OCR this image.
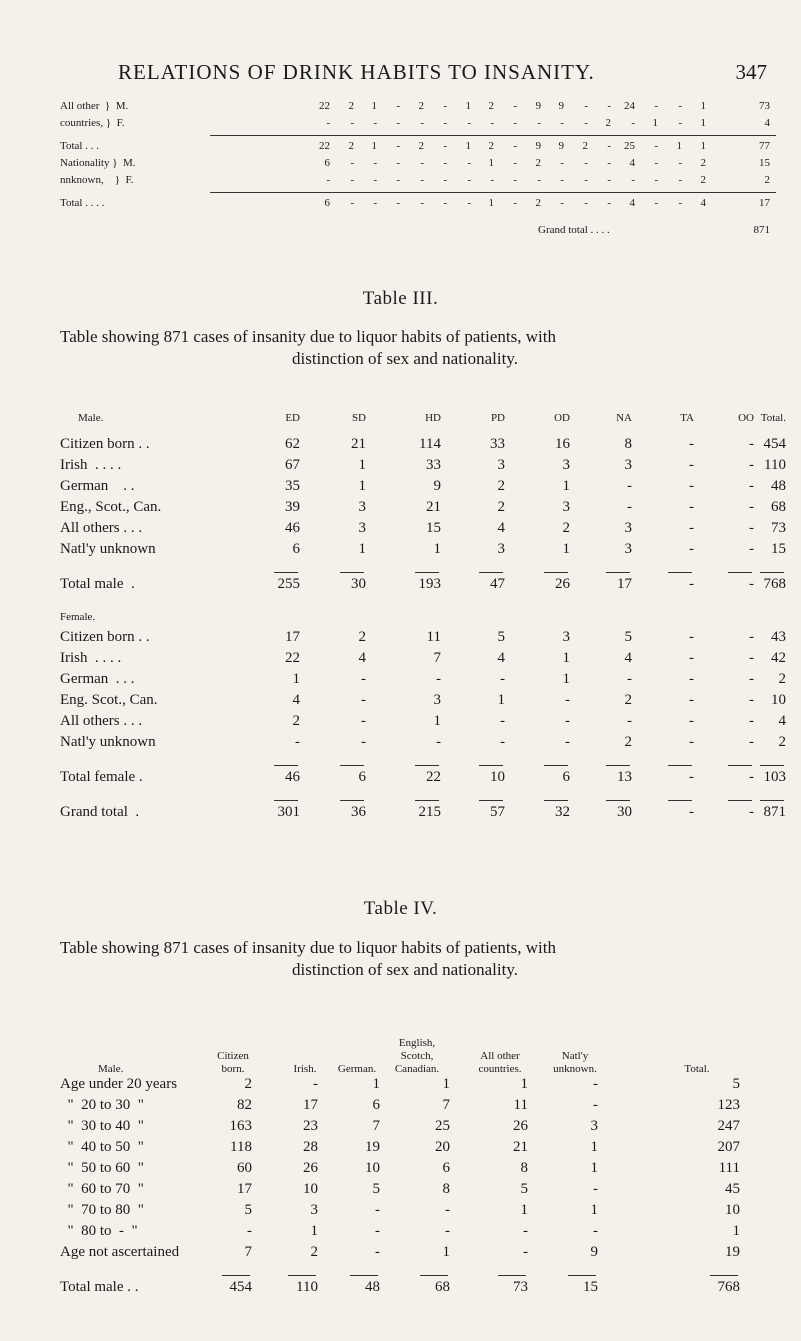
RELATIONS OF DRINK HABITS TO INSANITY.	347
All other  }  M.	22	2	1	-	2	-	1	2	-	9	9	-	-	24	-	-	1	73
countries, }  F.	-	-	-	-	-	-	-	-	-	-	-	-	2	-	1	-	1	4
Total . . .	22	2	1	-	2	-	1	2	-	9	9	2	-	25	-	1	1	77
Nationality }  M.	6	-	-	-	-	-	-	1	-	2	-	-	-	4	-	-	2	15
nnknown,    }  F.	-	-	-	-	-	-	-	-	-	-	-	-	-	-	-	-	2	2
Total . . . .	6	-	-	-	-	-	-	1	-	2	-	-	-	4	-	-	4	17
Grand total . . . .	871
Table III.
Table showing 871 cases of insanity due to liquor habits of patients, with
distinction of sex and nationality.
Male.	ED	SD	HD	PD	OD	NA	TA	OO Total.
Citizen born . .	62	21	114	33	16	8	-	- 454
Irish  . . . .	67	1	33	3	3	3	-	- 110
German    . .	35	1	9	2	1	-	-	-	48
Eng., Scot., Can.	39	3	21	2	3	-	-	-	68
All others . . .	46	3	15	4	2	3	-	-	73
Natl'y unknown	6	1	1	3	1	3	-	-	15
Total male  .	255	30	193	47	26	17	-	- 768
Female.
Citizen born . .	17	2	11	5	3	5	-	-	43
Irish  . . . .	22	4	7	4	1	4	-	-	42
German  . . .	1	-	-	-	1	-	-	-	2
Eng. Scot., Can.	4	-	3	1	-	2	-	-	10
All others . . .	2	-	1	-	-	-	-	-	4
Natl'y unknown	-	-	-	-	-	2	-	-	2
Total female .	46	6	22	10	6	13	-	- 103
Grand total  .	301	36	215	57	32	30	-	- 871
Table IV.
Table showing 871 cases of insanity due to liquor habits of patients, with
distinction of sex and nationality.
Male.
Citizen
born.	Irish.	German.
English,
Scotch,
Canadian.
All other
countries.
Natl'y
unknown.	Total.
Age under 20 years	2	-	1	1	1	-	5
"  20 to 30  "	82	17	6	7	11	-	123
"  30 to 40  "	163	23	7	25	26	3	247
"  40 to 50  "	118	28	19	20	21	1	207
"  50 to 60  "	60	26	10	6	8	1	111
"  60 to 70  "	17	10	5	8	5	-	45
"  70 to 80  "	5	3	-	-	1	1	10
"  80 to  -  "	-	1	-	-	-	-	1
Age not ascertained	7	2	-	1	-	9	19
Total male . .	454	110	48	68	73	15	768
